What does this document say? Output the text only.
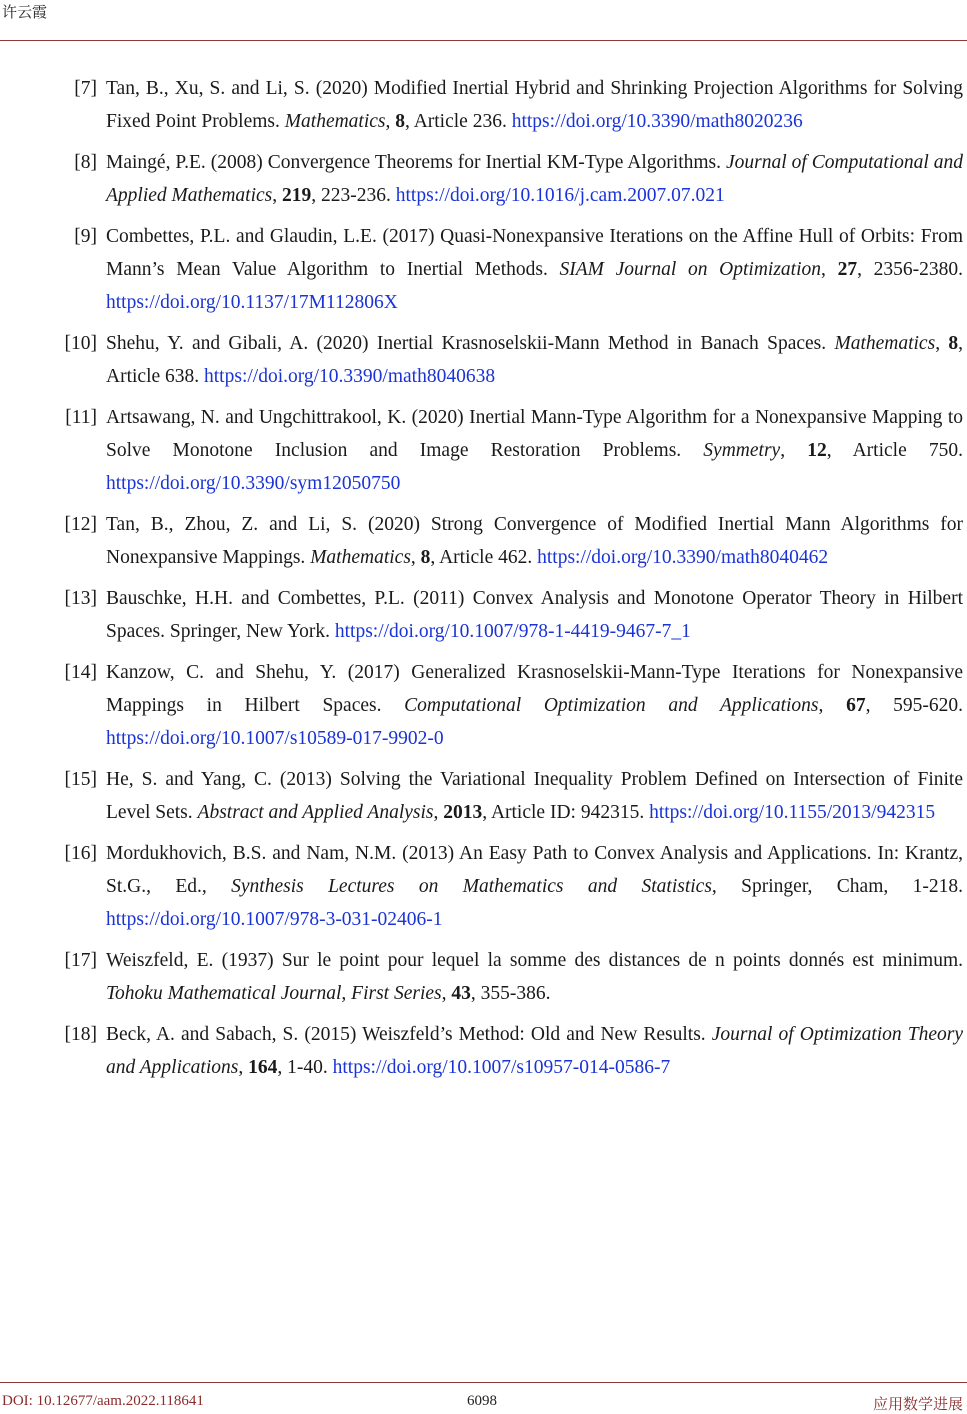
许云霞
[7] Tan, B., Xu, S. and Li, S. (2020) Modified Inertial Hybrid and Shrinking Projection Algorithms for Solving Fixed Point Problems. Mathematics, 8, Article 236. https://doi.org/10.3390/math8020236
[8] Maingé, P.E. (2008) Convergence Theorems for Inertial KM-Type Algorithms. Journal of Computational and Applied Mathematics, 219, 223-236. https://doi.org/10.1016/j.cam.2007.07.021
[9] Combettes, P.L. and Glaudin, L.E. (2017) Quasi-Nonexpansive Iterations on the Affine Hull of Orbits: From Mann’s Mean Value Algorithm to Inertial Methods. SIAM Journal on Optimization, 27, 2356-2380. https://doi.org/10.1137/17M112806X
[10] Shehu, Y. and Gibali, A. (2020) Inertial Krasnoselskii-Mann Method in Banach Spaces. Mathematics, 8, Article 638. https://doi.org/10.3390/math8040638
[11] Artsawang, N. and Ungchittrakool, K. (2020) Inertial Mann-Type Algorithm for a Nonexpansive Mapping to Solve Monotone Inclusion and Image Restoration Problems. Symmetry, 12, Article 750. https://doi.org/10.3390/sym12050750
[12] Tan, B., Zhou, Z. and Li, S. (2020) Strong Convergence of Modified Inertial Mann Algorithms for Nonexpansive Mappings. Mathematics, 8, Article 462. https://doi.org/10.3390/math8040462
[13] Bauschke, H.H. and Combettes, P.L. (2011) Convex Analysis and Monotone Operator Theory in Hilbert Spaces. Springer, New York. https://doi.org/10.1007/978-1-4419-9467-7_1
[14] Kanzow, C. and Shehu, Y. (2017) Generalized Krasnoselskii-Mann-Type Iterations for Nonexpansive Mappings in Hilbert Spaces. Computational Optimization and Applications, 67, 595-620. https://doi.org/10.1007/s10589-017-9902-0
[15] He, S. and Yang, C. (2013) Solving the Variational Inequality Problem Defined on Intersection of Finite Level Sets. Abstract and Applied Analysis, 2013, Article ID: 942315. https://doi.org/10.1155/2013/942315
[16] Mordukhovich, B.S. and Nam, N.M. (2013) An Easy Path to Convex Analysis and Applications. In: Krantz, St.G., Ed., Synthesis Lectures on Mathematics and Statistics, Springer, Cham, 1-218. https://doi.org/10.1007/978-3-031-02406-1
[17] Weiszfeld, E. (1937) Sur le point pour lequel la somme des distances de n points donnés est minimum. Tohoku Mathematical Journal, First Series, 43, 355-386.
[18] Beck, A. and Sabach, S. (2015) Weiszfeld’s Method: Old and New Results. Journal of Optimization Theory and Applications, 164, 1-40. https://doi.org/10.1007/s10957-014-0586-7
DOI: 10.12677/aam.2022.118641	6098	应用数学进展
